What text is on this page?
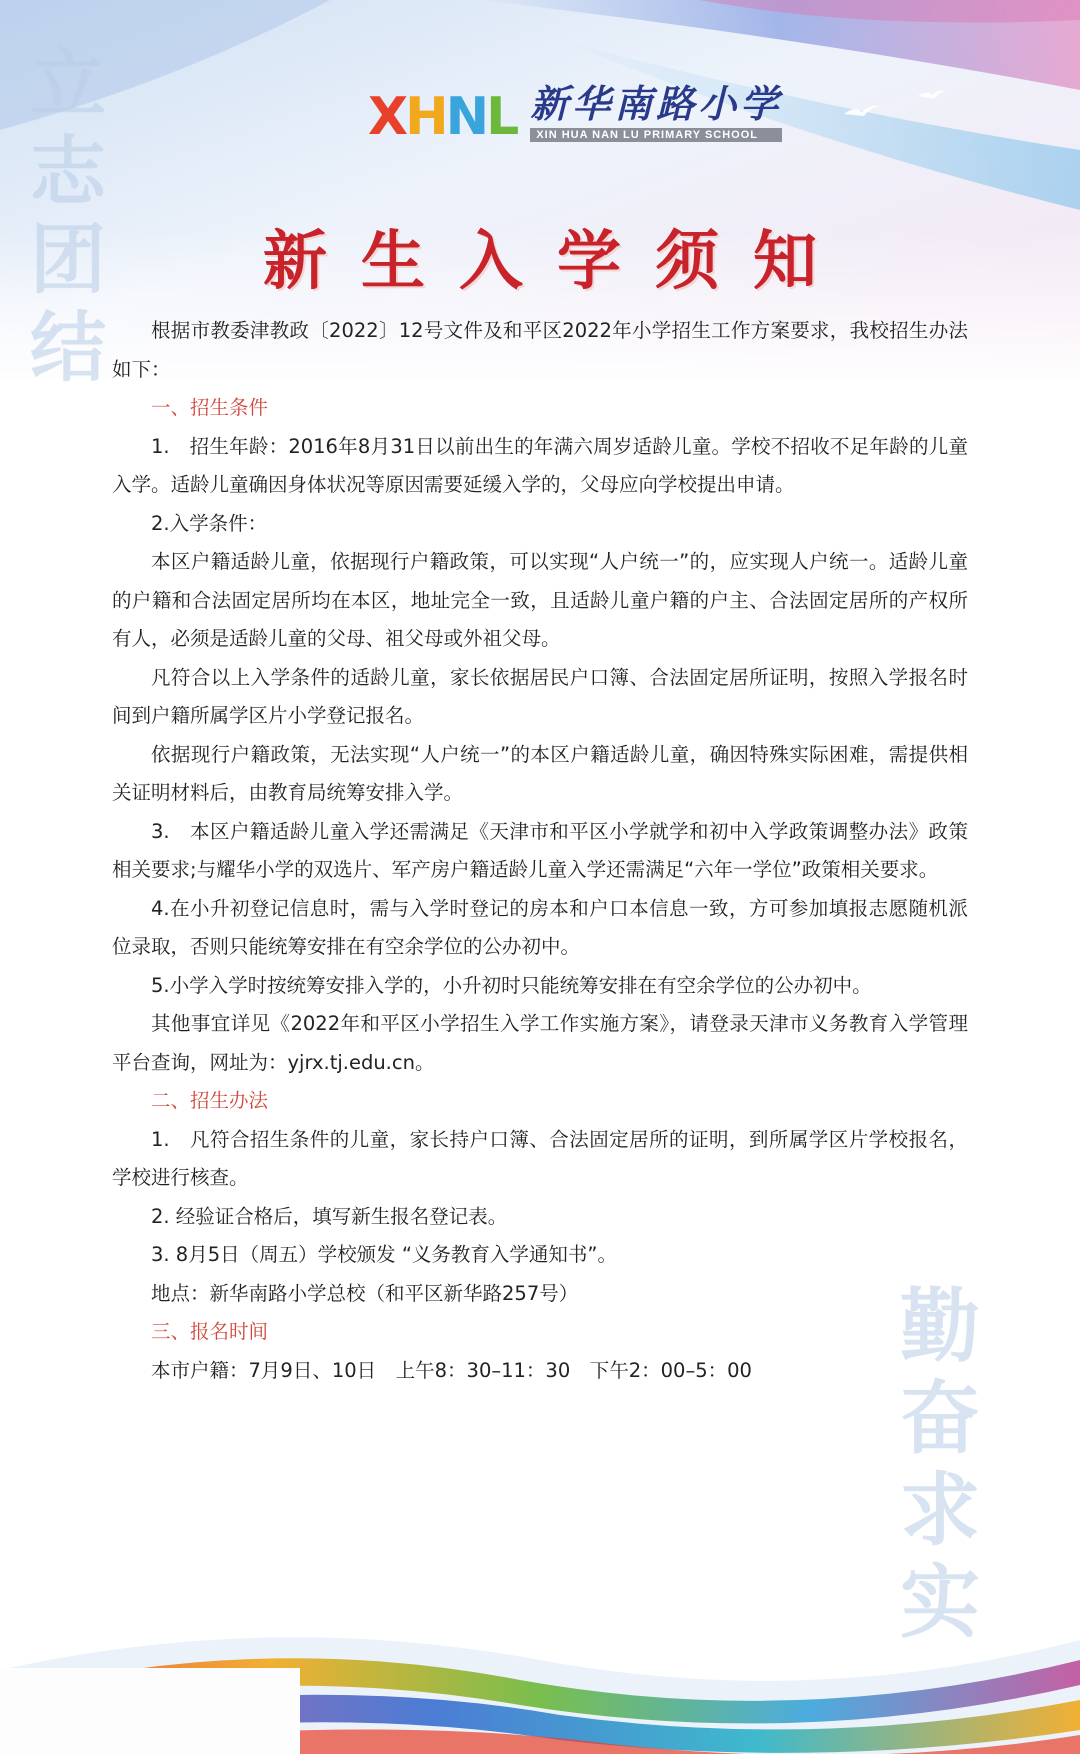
立志团结
勤奋求实
X H N L 新华南路小学
XIN HUA NAN LU PRIMARY SCHOOL
新生入学须知

根据市教委津教政〔2022〕12号文件及和平区2022年小学招生工作方案要求，我校招生办法如下：

一、招生条件

1.　招生年龄：2016年8月31日以前出生的年满六周岁适龄儿童。学校不招收不足年龄的儿童入学。适龄儿童确因身体状况等原因需要延缓入学的，父母应向学校提出申请。

2.入学条件：

本区户籍适龄儿童，依据现行户籍政策，可以实现“人户统一”的，应实现人户统一。适龄儿童的户籍和合法固定居所均在本区，地址完全一致，且适龄儿童户籍的户主、合法固定居所的产权所有人，必须是适龄儿童的父母、祖父母或外祖父母。

凡符合以上入学条件的适龄儿童，家长依据居民户口簿、合法固定居所证明，按照入学报名时间到户籍所属学区片小学登记报名。

依据现行户籍政策，无法实现“人户统一”的本区户籍适龄儿童，确因特殊实际困难，需提供相关证明材料后，由教育局统筹安排入学。

3.　本区户籍适龄儿童入学还需满足《天津市和平区小学就学和初中入学政策调整办法》政策相关要求;与耀华小学的双选片、军产房户籍适龄儿童入学还需满足“六年一学位”政策相关要求。

4.在小升初登记信息时，需与入学时登记的房本和户口本信息一致，方可参加填报志愿随机派位录取，否则只能统筹安排在有空余学位的公办初中。

5.小学入学时按统筹安排入学的，小升初时只能统筹安排在有空余学位的公办初中。

其他事宜详见《2022年和平区小学招生入学工作实施方案》，请登录天津市义务教育入学管理平台查询，网址为：yjrx.tj.edu.cn。

二、招生办法

1.　凡符合招生条件的儿童，家长持户口簿、合法固定居所的证明，到所属学区片学校报名，学校进行核查。

2. 经验证合格后，填写新生报名登记表。

3. 8月5日（周五）学校颁发 “义务教育入学通知书”。

地点：新华南路小学总校（和平区新华路257号）

三、报名时间

本市户籍：7月9日、10日　上午8：30–11：30　下午2：00–5：00
